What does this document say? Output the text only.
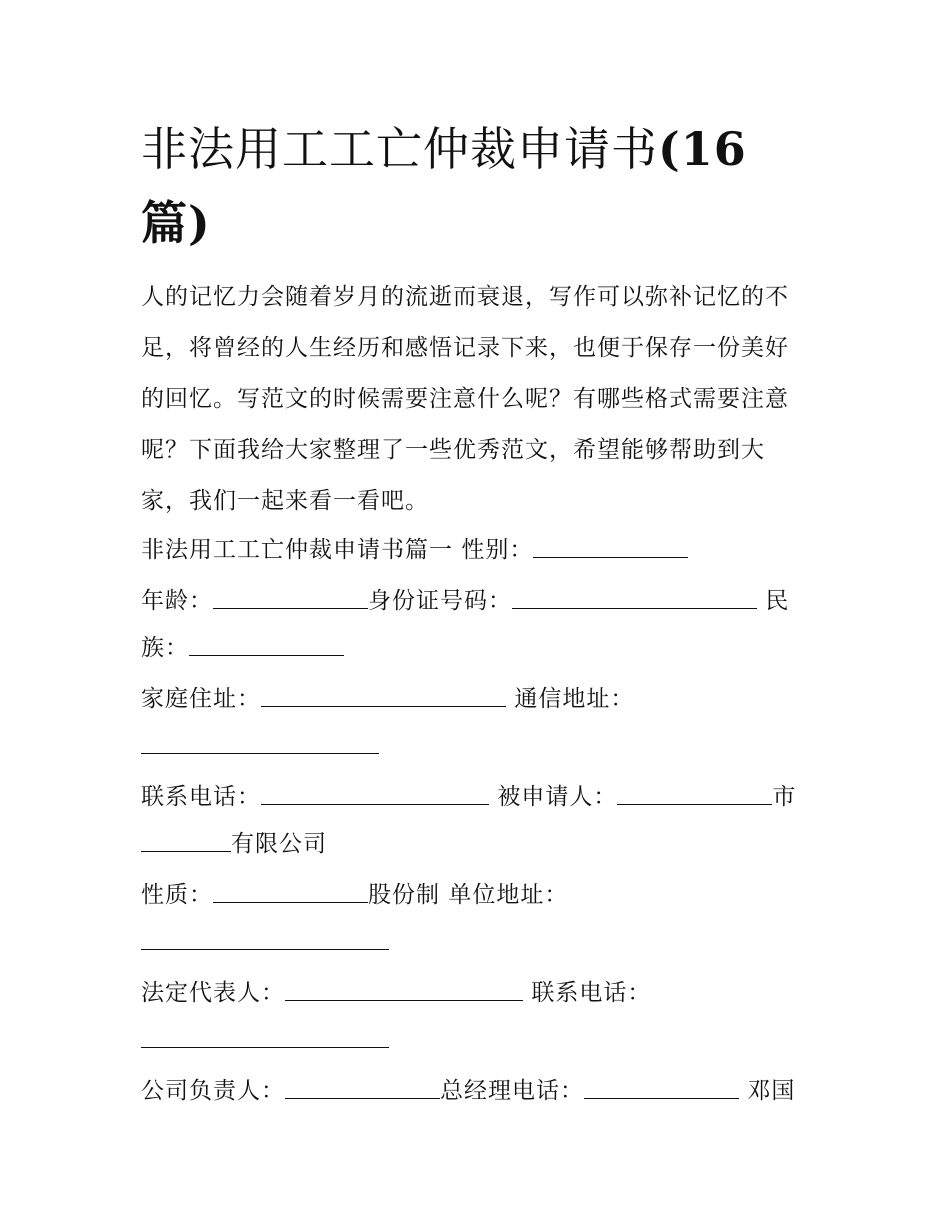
非法用工工亡仲裁申请书(16
篇)

人的记忆力会随着岁月的流逝而衰退，写作可以弥补记忆的不足，将曾经的人生经历和感悟记录下来，也便于保存一份美好的回忆。写范文的时候需要注意什么呢？有哪些格式需要注意呢？下面我给大家整理了一些优秀范文，希望能够帮助到大家，我们一起来看一看吧。

非法用工工亡仲裁申请书篇一 性别：

年龄：	身份证号码：	民

族：

家庭住址：	通信地址：

联系电话：	被申请人：	市

有限公司

性质：	股份制 单位地址：

法定代表人：	联系电话：

公司负责人：	总经理电话：	邓国
